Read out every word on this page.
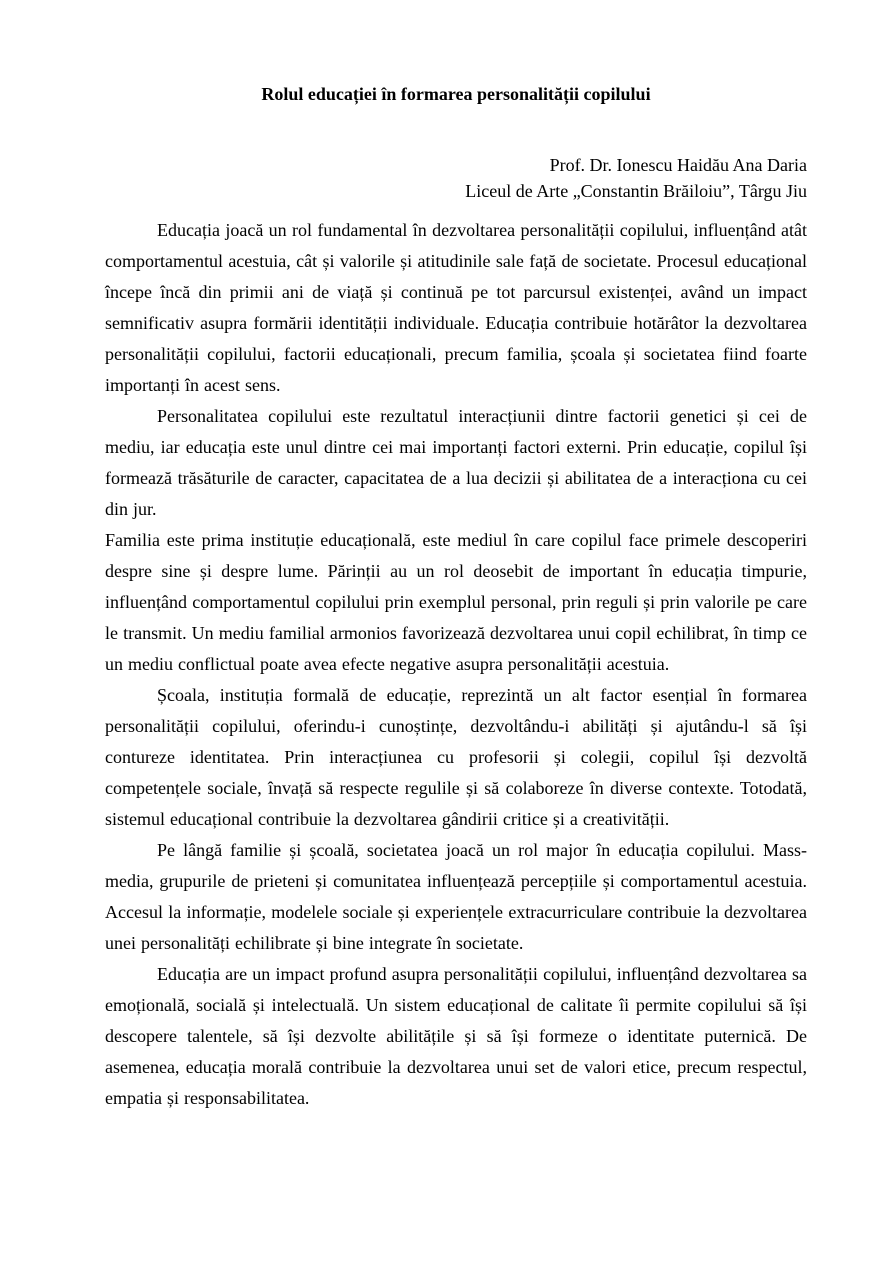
Rolul educației în formarea personalității copilului
Prof. Dr. Ionescu Haidău Ana Daria
Liceul de Arte „Constantin Brăiloiu”, Târgu Jiu

Educația joacă un rol fundamental în dezvoltarea personalității copilului, influențând atât comportamentul acestuia, cât și valorile și atitudinile sale față de societate. Procesul educațional începe încă din primii ani de viață și continuă pe tot parcursul existenței, având un impact semnificativ asupra formării identității individuale. Educația contribuie hotărâtor la dezvoltarea personalității copilului, factorii educaționali, precum familia, școala și societatea fiind foarte importanți în acest sens.

Personalitatea copilului este rezultatul interacțiunii dintre factorii genetici și cei de mediu, iar educația este unul dintre cei mai importanți factori externi. Prin educație, copilul își formează trăsăturile de caracter, capacitatea de a lua decizii și abilitatea de a interacționa cu cei din jur.

Familia este prima instituție educațională, este mediul în care copilul face primele descoperiri despre sine și despre lume. Părinții au un rol deosebit de important în educația timpurie, influențând comportamentul copilului prin exemplul personal, prin reguli și prin valorile pe care le transmit. Un mediu familial armonios favorizează dezvoltarea unui copil echilibrat, în timp ce un mediu conflictual poate avea efecte negative asupra personalității acestuia.

Școala, instituția formală de educație, reprezintă un alt factor esențial în formarea personalității copilului, oferindu-i cunoștințe, dezvoltându-i abilități și ajutându-l să își contureze identitatea. Prin interacțiunea cu profesorii și colegii, copilul își dezvoltă competențele sociale, învață să respecte regulile și să colaboreze în diverse contexte. Totodată, sistemul educațional contribuie la dezvoltarea gândirii critice și a creativității.

Pe lângă familie și școală, societatea joacă un rol major în educația copilului. Mass-media, grupurile de prieteni și comunitatea influențează percepțiile și comportamentul acestuia. Accesul la informație, modelele sociale și experiențele extracurriculare contribuie la dezvoltarea unei personalități echilibrate și bine integrate în societate.

Educația are un impact profund asupra personalității copilului, influențând dezvoltarea sa emoțională, socială și intelectuală. Un sistem educațional de calitate îi permite copilului să își descopere talentele, să își dezvolte abilitățile și să își formeze o identitate puternică. De asemenea, educația morală contribuie la dezvoltarea unui set de valori etice, precum respectul, empatia și responsabilitatea.
